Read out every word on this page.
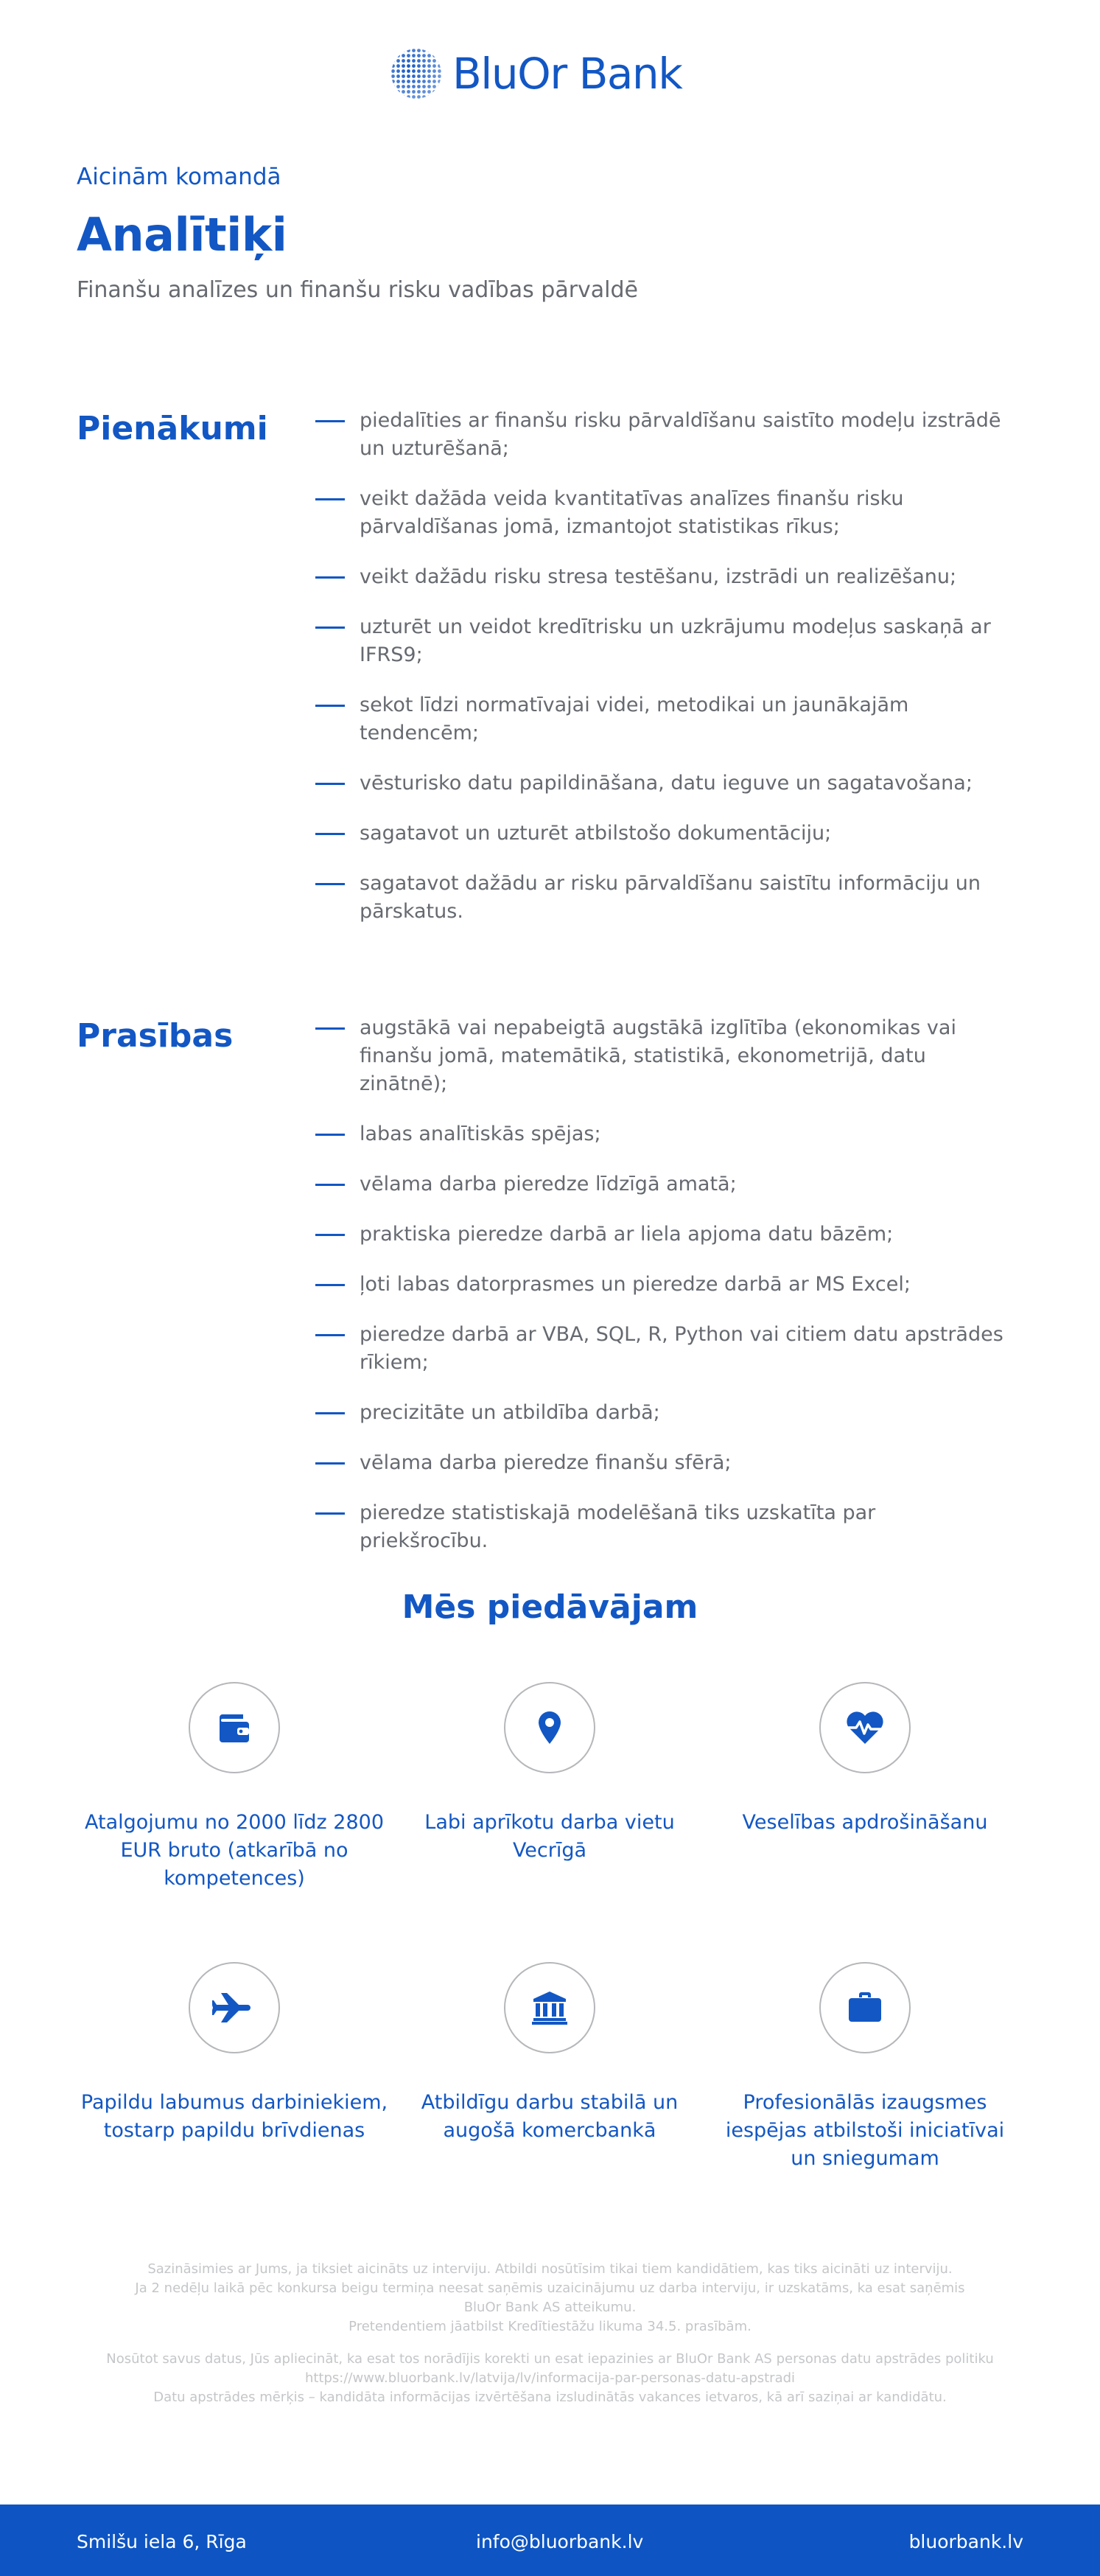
BluOr Bank
Aicinām komandā
Analītiķi
Finanšu analīzes un finanšu risku vadības pārvaldē
Pienākumi	piedalīties ar finanšu risku pārvaldīšanu saistīto modeļu izstrādē un uzturēšanā;
veikt dažāda veida kvantitatīvas analīzes finanšu risku pārvaldīšanas jomā, izmantojot statistikas rīkus;
veikt dažādu risku stresa testēšanu, izstrādi un realizēšanu;
uzturēt un veidot kredītrisku un uzkrājumu modeļus saskaņā ar IFRS9;
sekot līdzi normatīvajai videi, metodikai un jaunākajām tendencēm;
vēsturisko datu papildināšana, datu ieguve un sagatavošana;
sagatavot un uzturēt atbilstošo dokumentāciju;
sagatavot dažādu ar risku pārvaldīšanu saistītu informāciju un pārskatus.
Prasības	augstākā vai nepabeigtā augstākā izglītība (ekonomikas vai finanšu jomā, matemātikā, statistikā, ekonometrijā, datu zinātnē);
labas analītiskās spējas;
vēlama darba pieredze līdzīgā amatā;
praktiska pieredze darbā ar liela apjoma datu bāzēm;
ļoti labas datorprasmes un pieredze darbā ar MS Excel;
pieredze darbā ar VBA, SQL, R, Python vai citiem datu apstrādes rīkiem;
precizitāte un atbildība darbā;
vēlama darba pieredze finanšu sfērā;
pieredze statistiskajā modelēšanā tiks uzskatīta par priekšrocību.
Mēs piedāvājam
Atalgojumu no 2000 līdz 2800 EUR bruto (atkarībā no kompetences)
Labi aprīkotu darba vietu Vecrīgā
Veselības apdrošināšanu
Papildu labumus darbiniekiem, tostarp papildu brīvdienas
Atbildīgu darbu stabilā un augošā komercbankā
Profesionālās izaugsmes iespējas atbilstoši iniciatīvai un sniegumam
Sazināsimies ar Jums, ja tiksiet aicināts uz interviju. Atbildi nosūtīsim tikai tiem kandidātiem, kas tiks aicināti uz interviju.
Ja 2 nedēļu laikā pēc konkursa beigu termiņa neesat saņēmis uzaicinājumu uz darba interviju, ir uzskatāms, ka esat saņēmis
BluOr Bank AS atteikumu.
Pretendentiem jāatbilst Kredītiestāžu likuma 34.5. prasībām.
Nosūtot savus datus, Jūs apliecināt, ka esat tos norādījis korekti un esat iepazinies ar BluOr Bank AS personas datu apstrādes politiku
https://www.bluorbank.lv/latvija/lv/informacija-par-personas-datu-apstradi
Datu apstrādes mērķis – kandidāta informācijas izvērtēšana izsludinātās vakances ietvaros, kā arī saziņai ar kandidātu.
Smilšu iela 6, Rīga	info@bluorbank.lv	bluorbank.lv
